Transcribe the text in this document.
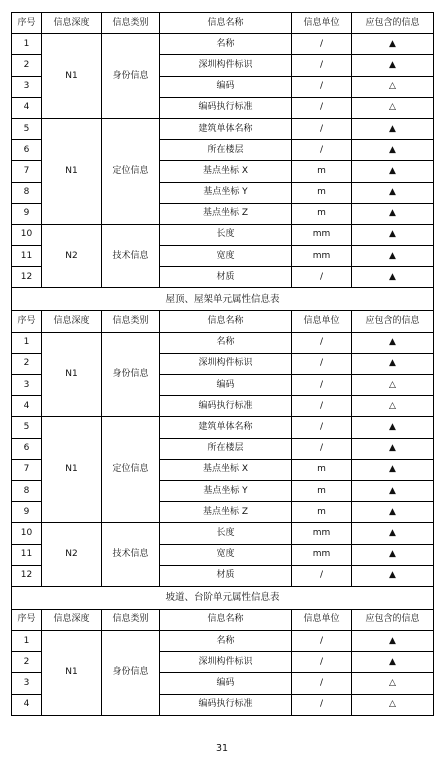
序号	信息深度	信息类别	信息名称	信息单位	应包含的信息
1	N1	身份信息	名称	/	▲
2			深圳构件标识	/	▲
3			编码	/	△
4			编码执行标准	/	△
5	N1	定位信息	建筑单体名称	/	▲
6			所在楼层	/	▲
7			基点坐标 X	m	▲
8			基点坐标 Y	m	▲
9			基点坐标 Z	m	▲
10	N2	技术信息	长度	mm	▲
11			宽度	mm	▲
12			材质	/	▲
屋顶、屋架单元属性信息表					
序号	信息深度	信息类别	信息名称	信息单位	应包含的信息
1	N1	身份信息	名称	/	▲
2			深圳构件标识	/	▲
3			编码	/	△
4			编码执行标准	/	△
5	N1	定位信息	建筑单体名称	/	▲
6			所在楼层	/	▲
7			基点坐标 X	m	▲
8			基点坐标 Y	m	▲
9			基点坐标 Z	m	▲
10	N2	技术信息	长度	mm	▲
11			宽度	mm	▲
12			材质	/	▲
坡道、台阶单元属性信息表					
序号	信息深度	信息类别	信息名称	信息单位	应包含的信息
1	N1	身份信息	名称	/	▲
2			深圳构件标识	/	▲
3			编码	/	△
4			编码执行标准	/	△
31
